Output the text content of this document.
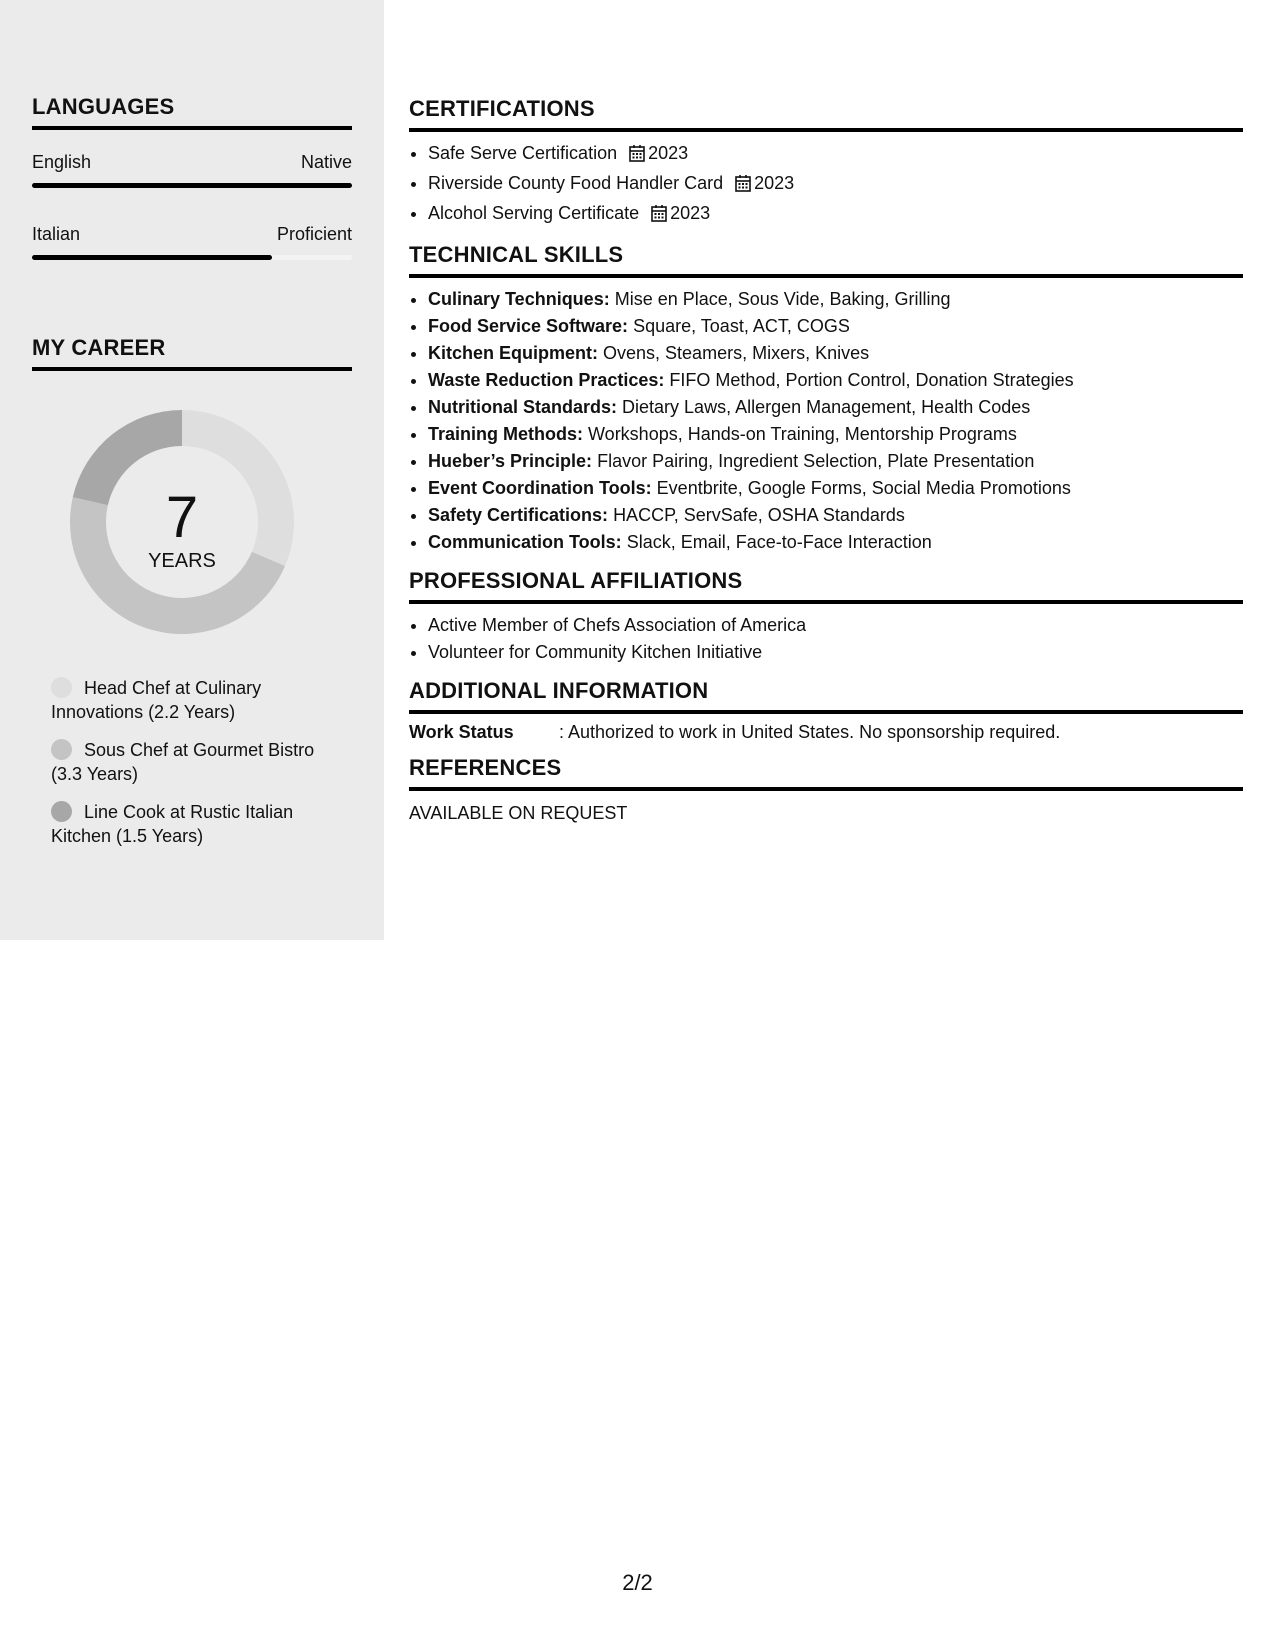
LANGUAGES
English	Native
Italian	Proficient
MY CAREER
7
YEARS
Head Chef at Culinary Innovations (2.2 Years)
Sous Chef at Gourmet Bistro (3.3 Years)
Line Cook at Rustic Italian Kitchen (1.5 Years)
CERTIFICATIONS
• Safe Serve Certification 2023
• Riverside County Food Handler Card 2023
• Alcohol Serving Certificate 2023
TECHNICAL SKILLS
• Culinary Techniques: Mise en Place, Sous Vide, Baking, Grilling
• Food Service Software: Square, Toast, ACT, COGS
• Kitchen Equipment: Ovens, Steamers, Mixers, Knives
• Waste Reduction Practices: FIFO Method, Portion Control, Donation Strategies
• Nutritional Standards: Dietary Laws, Allergen Management, Health Codes
• Training Methods: Workshops, Hands-on Training, Mentorship Programs
• Hueber’s Principle: Flavor Pairing, Ingredient Selection, Plate Presentation
• Event Coordination Tools: Eventbrite, Google Forms, Social Media Promotions
• Safety Certifications: HACCP, ServSafe, OSHA Standards
• Communication Tools: Slack, Email, Face-to-Face Interaction
PROFESSIONAL AFFILIATIONS
• Active Member of Chefs Association of America
• Volunteer for Community Kitchen Initiative
ADDITIONAL INFORMATION
Work Status	: Authorized to work in United States. No sponsorship required.
REFERENCES
AVAILABLE ON REQUEST
2/2
